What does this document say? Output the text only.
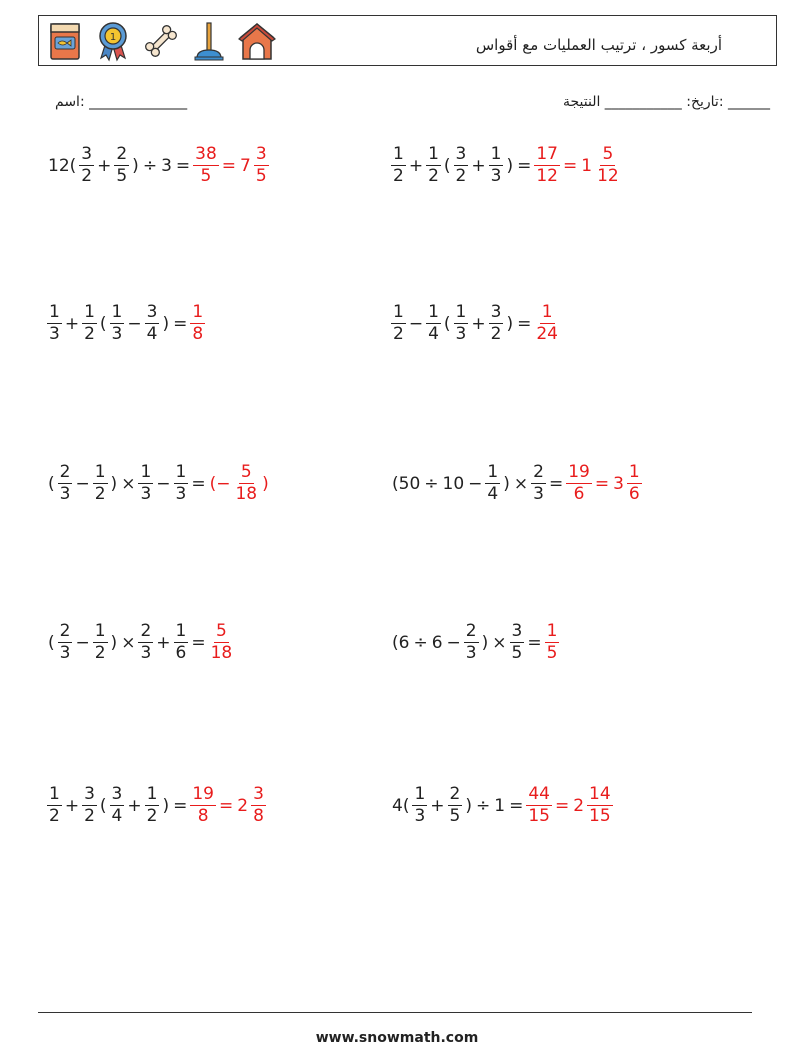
1	أربعة كسور ، ترتيب العمليات مع أقواس
______ :تاريخ: ___________ النتيجة
______________ :اسم
$12( \frac{3}{2} + \frac{2}{5}$ ) ÷ $3 = \frac{38}{5} = 7 \frac{3}{5}$	$\frac{1}{2} + \frac{1}{2}$ ( $\frac{3}{2} + \frac{1}{3}$ ) = $\frac{17}{12} = 1 \frac{5}{12}$
$\frac{1}{3} + \frac{1}{2}$ ( $\frac{1}{3} - \frac{3}{4}$ ) = $\frac{1}{8}$	$\frac{1}{2} - \frac{1}{4}$ ( $\frac{1}{3} + \frac{3}{2}$ ) = $\frac{1}{24}$
( $\frac{2}{3} - \frac{1}{2}$ ) × $\frac{1}{3} - \frac{1}{3}$ = (− $\frac{5}{18}$ )	($50 \div 10 - \frac{1}{4}$ ) × $\frac{2}{3} = \frac{19}{6} = 3 \frac{1}{6}$
( $\frac{2}{3} - \frac{1}{2}$ ) × $\frac{2}{3} + \frac{1}{6} = \frac{5}{18}$	($6 \div 6 - \frac{2}{3}$ ) × $\frac{3}{5} = \frac{1}{5}$
$\frac{1}{2} + \frac{3}{2}$ ( $\frac{3}{4} + \frac{1}{2}$ ) = $\frac{19}{8} = 2 \frac{3}{8}$	$4( \frac{1}{3} + \frac{2}{5}$ ) ÷ $1 = \frac{44}{15} = 2 \frac{14}{15}$
www.snowmath.com
